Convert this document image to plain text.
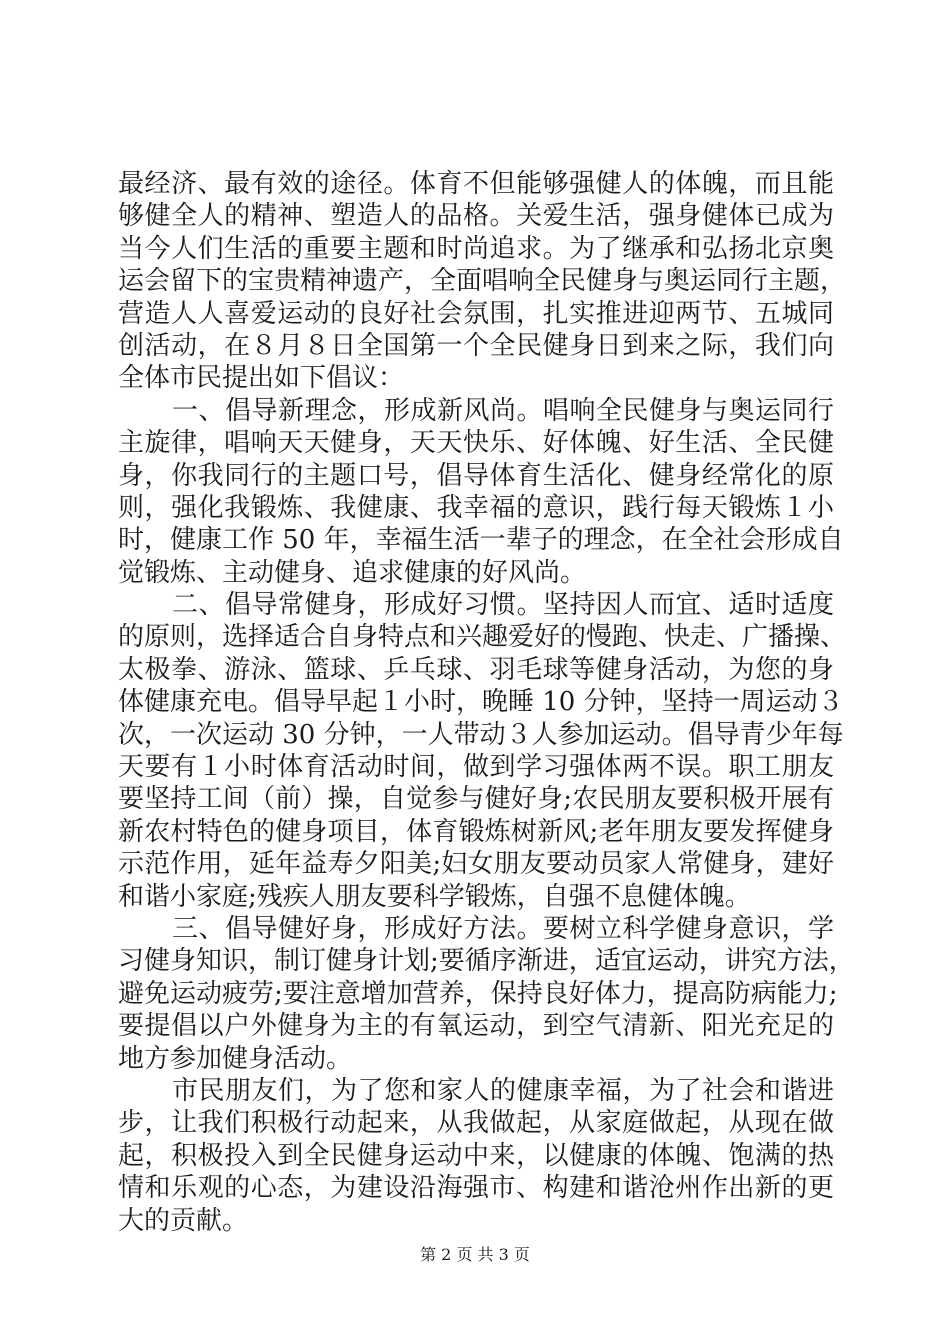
最经济、最有效的途径。体育不但能够强健人的体魄，而且能
够健全人的精神、塑造人的品格。关爱生活，强身健体已成为
当今人们生活的重要主题和时尚追求。为了继承和弘扬北京奥
运会留下的宝贵精神遗产，全面唱响全民健身与奥运同行主题，
营造人人喜爱运动的良好社会氛围，扎实推进迎两节、五城同
创活动，在８月８日全国第一个全民健身日到来之际，我们向
全体市民提出如下倡议：
一、倡导新理念，形成新风尚。唱响全民健身与奥运同行
主旋律，唱响天天健身，天天快乐、好体魄、好生活、全民健
身，你我同行的主题口号，倡导体育生活化、健身经常化的原
则，强化我锻炼、我健康、我幸福的意识，践行每天锻炼１小
时，健康工作 50 年，幸福生活一辈子的理念，在全社会形成自
觉锻炼、主动健身、追求健康的好风尚。
二、倡导常健身，形成好习惯。坚持因人而宜、适时适度
的原则，选择适合自身特点和兴趣爱好的慢跑、快走、广播操、
太极拳、游泳、篮球、乒乓球、羽毛球等健身活动，为您的身
体健康充电。倡导早起１小时，晚睡 10 分钟，坚持一周运动３
次，一次运动 30 分钟，一人带动３人参加运动。倡导青少年每
天要有１小时体育活动时间，做到学习强体两不误。职工朋友
要坚持工间（前）操，自觉参与健好身;农民朋友要积极开展有
新农村特色的健身项目，体育锻炼树新风;老年朋友要发挥健身
示范作用，延年益寿夕阳美;妇女朋友要动员家人常健身，建好
和谐小家庭;残疾人朋友要科学锻炼，自强不息健体魄。
三、倡导健好身，形成好方法。要树立科学健身意识，学
习健身知识，制订健身计划;要循序渐进，适宜运动，讲究方法，
避免运动疲劳;要注意增加营养，保持良好体力，提高防病能力;
要提倡以户外健身为主的有氧运动，到空气清新、阳光充足的
地方参加健身活动。
市民朋友们，为了您和家人的健康幸福，为了社会和谐进
步，让我们积极行动起来，从我做起，从家庭做起，从现在做
起，积极投入到全民健身运动中来，以健康的体魄、饱满的热
情和乐观的心态，为建设沿海强市、构建和谐沧州作出新的更
大的贡献。
第 2 页 共 3 页
